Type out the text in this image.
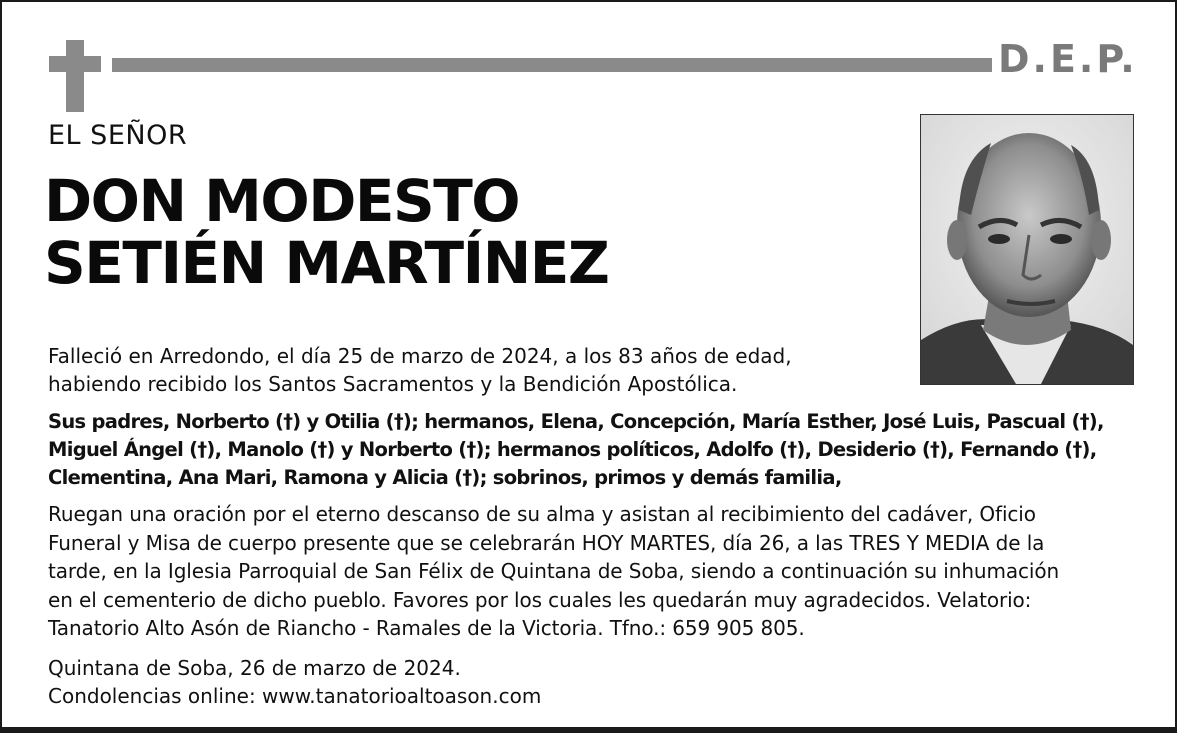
D.E.P.
EL SEÑOR
DON MODESTO
SETIÉN MARTÍNEZ
Falleció en Arredondo, el día 25 de marzo de 2024, a los 83 años de edad,
habiendo recibido los Santos Sacramentos y la Bendición Apostólica.
Sus padres, Norberto (†) y Otilia (†); hermanos, Elena, Concepción, María Esther, José Luis, Pascual (†),
Miguel Ángel (†), Manolo (†) y Norberto (†); hermanos políticos, Adolfo (†), Desiderio (†), Fernando (†),
Clementina, Ana Mari, Ramona y Alicia (†); sobrinos, primos y demás familia,
Ruegan una oración por el eterno descanso de su alma y asistan al recibimiento del cadáver, Oficio
Funeral y Misa de cuerpo presente que se celebrarán HOY MARTES, día 26, a las TRES Y MEDIA de la
tarde, en la Iglesia Parroquial de San Félix de Quintana de Soba, siendo a continuación su inhumación
en el cementerio de dicho pueblo. Favores por los cuales les quedarán muy agradecidos. Velatorio:
Tanatorio Alto Asón de Riancho - Ramales de la Victoria. Tfno.: 659 905 805.
Quintana de Soba, 26 de marzo de 2024.
Condolencias online: www.tanatorioaltoason.com
